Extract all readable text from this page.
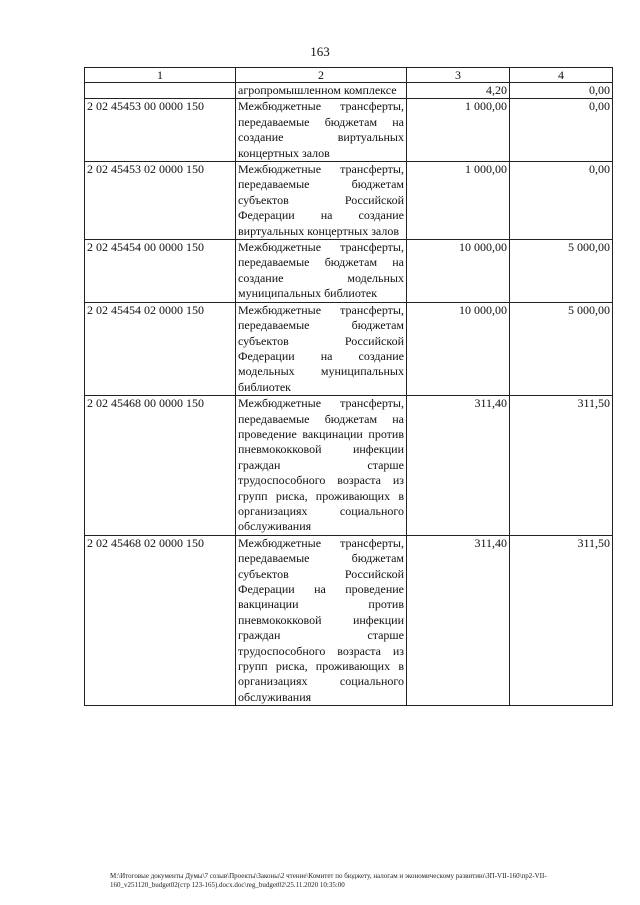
163
1	2	3	4
	агропромышленном комплексе	4,20	0,00
2 02 45453 00 0000 150	Межбюджетные трансферты, передаваемые бюджетам на создание виртуальных концертных залов	1 000,00	0,00
2 02 45453 02 0000 150	Межбюджетные трансферты, передаваемые бюджетам субъектов Российской Федерации на создание виртуальных концертных залов	1 000,00	0,00
2 02 45454 00 0000 150	Межбюджетные трансферты, передаваемые бюджетам на создание модельных муниципальных библиотек	10 000,00	5 000,00
2 02 45454 02 0000 150	Межбюджетные трансферты, передаваемые бюджетам субъектов Российской Федерации на создание модельных муниципальных библиотек	10 000,00	5 000,00
2 02 45468 00 0000 150	Межбюджетные трансферты, передаваемые бюджетам на проведение вакцинации против пневмококковой инфекции граждан старше трудоспособного возраста из групп риска, проживающих в организациях социального обслуживания	311,40	311,50
2 02 45468 02 0000 150	Межбюджетные трансферты, передаваемые бюджетам субъектов Российской Федерации на проведение вакцинации против пневмококковой инфекции граждан старше трудоспособного возраста из групп риска, проживающих в организациях социального обслуживания	311,40	311,50
M:\Итоговые документы Думы\7 созыв\Проекты\Законы\2 чтение\Комитет по бюджету, налогам и экономическому развитию\ЗП-VII-160\пр2-VII-160_v251120_budget02(стр 123-165).docx.doc\reg_budget02\25.11.2020 10:35:00
